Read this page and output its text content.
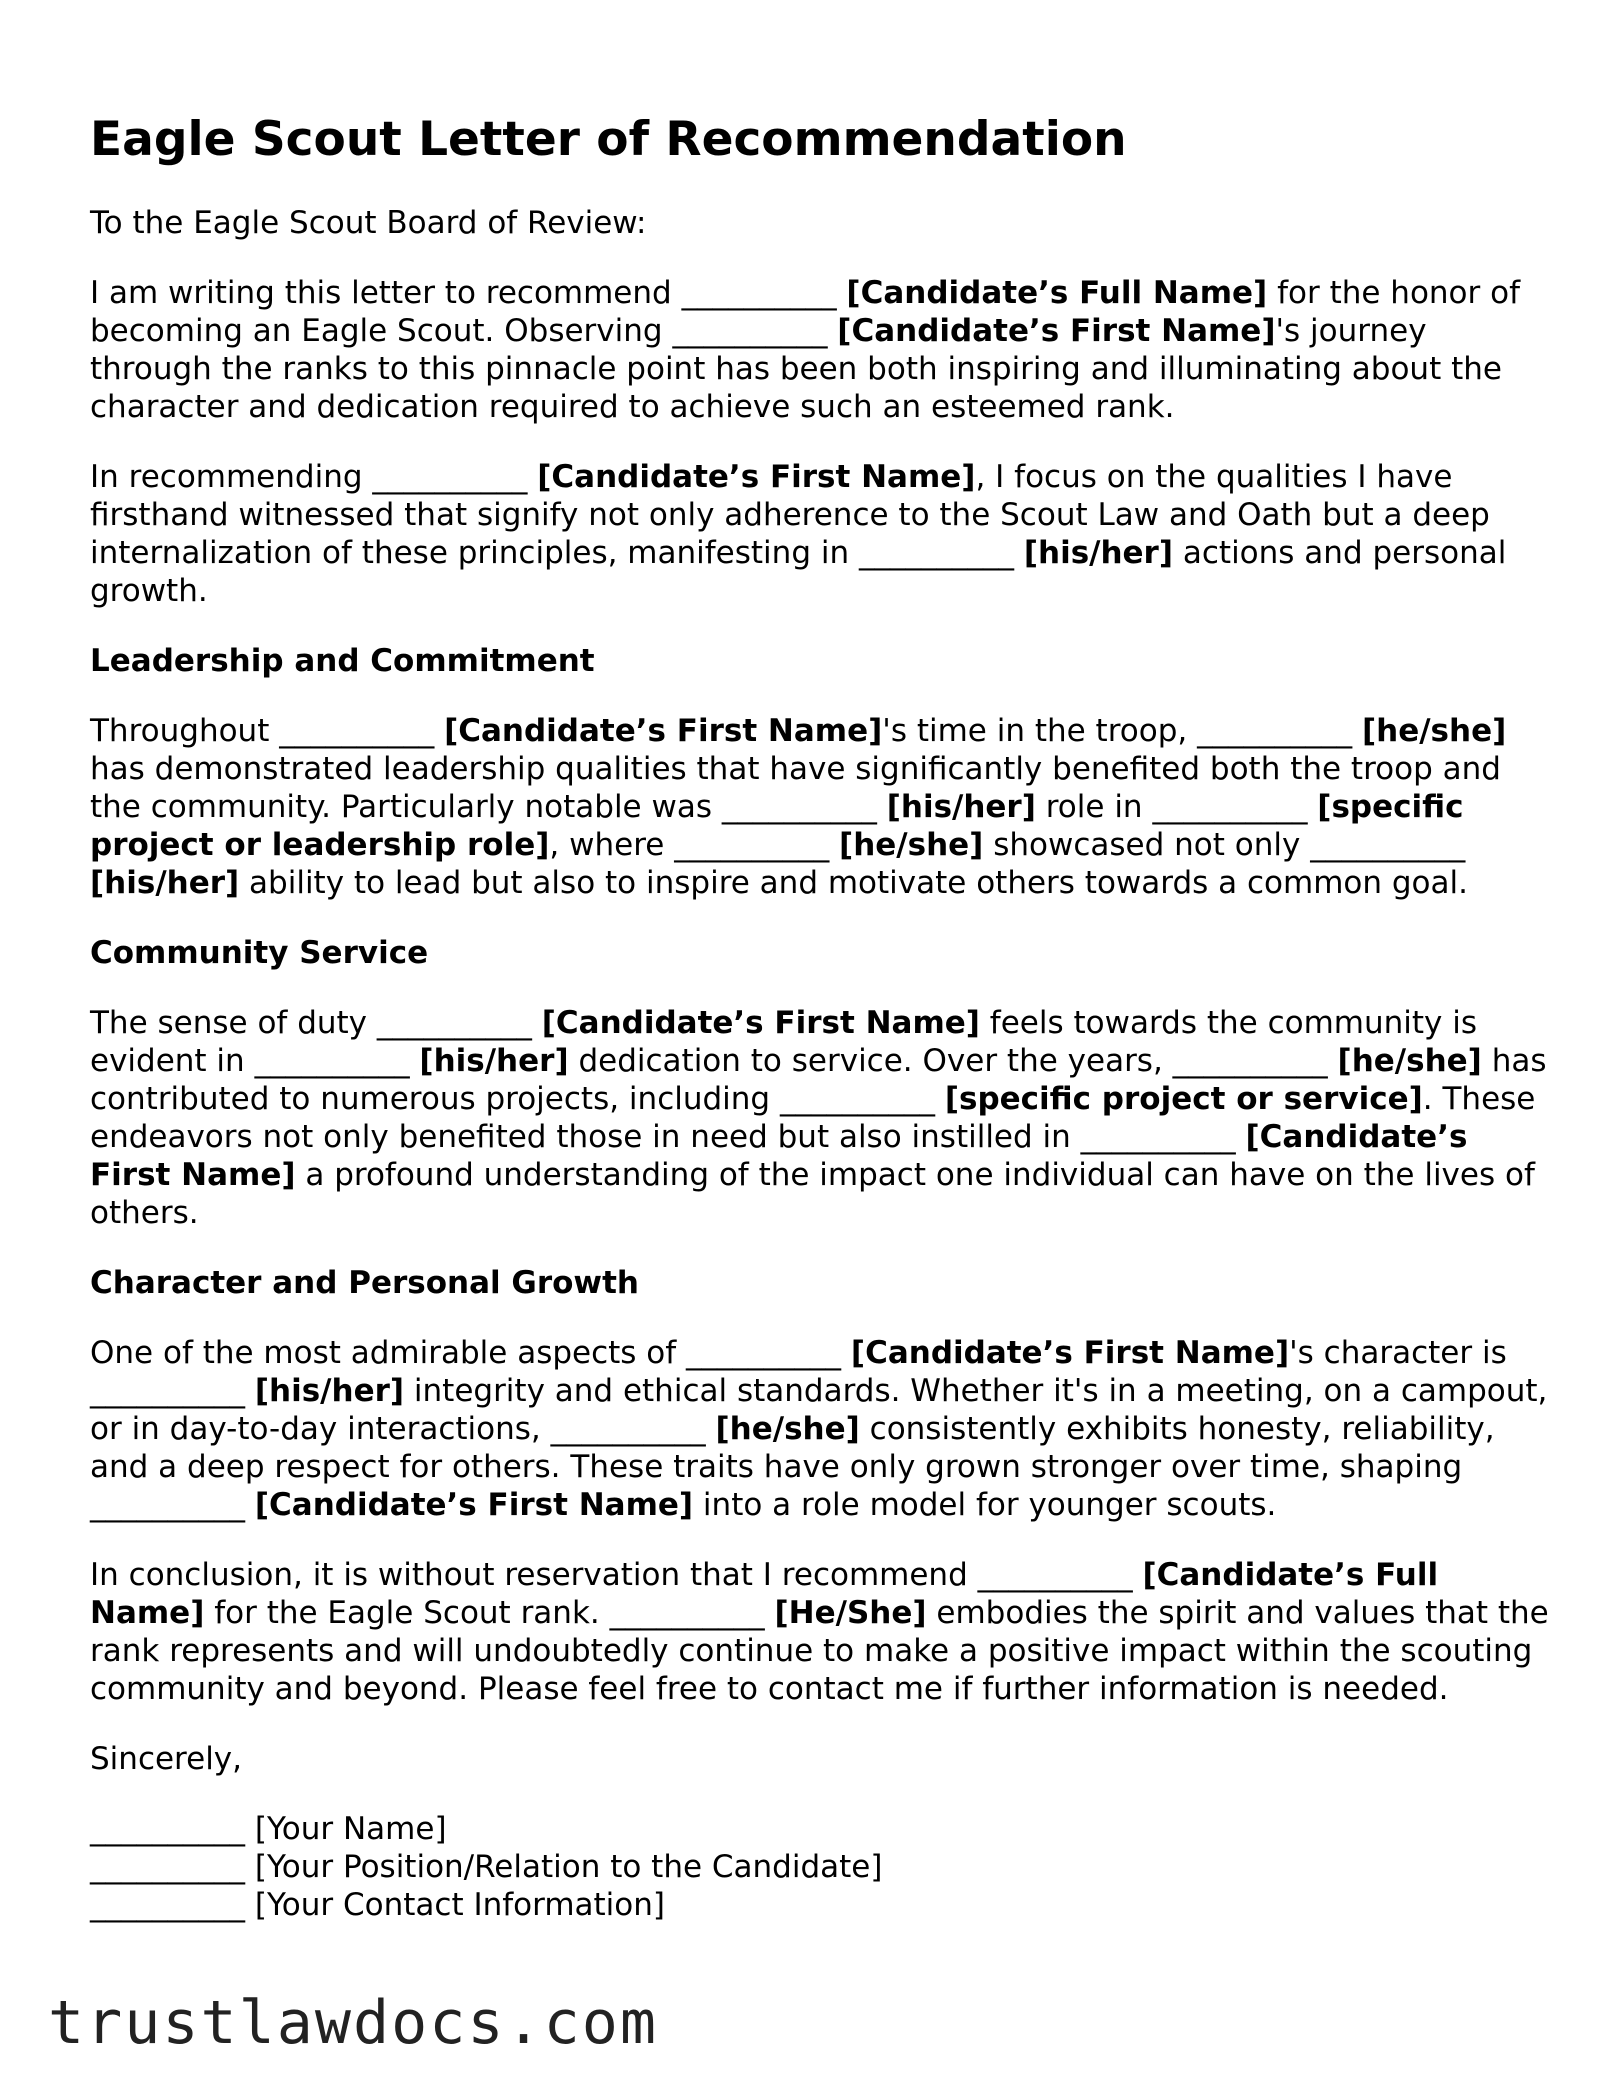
Eagle Scout Letter of Recommendation

To the Eagle Scout Board of Review:

I am writing this letter to recommend __________ [Candidate’s Full Name] for the honor of becoming an Eagle Scout. Observing __________ [Candidate’s First Name]'s journey through the ranks to this pinnacle point has been both inspiring and illuminating about the character and dedication required to achieve such an esteemed rank.

In recommending __________ [Candidate’s First Name], I focus on the qualities I have firsthand witnessed that signify not only adherence to the Scout Law and Oath but a deep internalization of these principles, manifesting in __________ [his/her] actions and personal growth.

Leadership and Commitment

Throughout __________ [Candidate’s First Name]'s time in the troop, __________ [he/she] has demonstrated leadership qualities that have significantly benefited both the troop and the community. Particularly notable was __________ [his/her] role in __________ [specific project or leadership role], where __________ [he/she] showcased not only __________ [his/her] ability to lead but also to inspire and motivate others towards a common goal.

Community Service

The sense of duty __________ [Candidate’s First Name] feels towards the community is evident in __________ [his/her] dedication to service. Over the years, __________ [he/she] has contributed to numerous projects, including __________ [specific project or service]. These endeavors not only benefited those in need but also instilled in __________ [Candidate’s First Name] a profound understanding of the impact one individual can have on the lives of others.

Character and Personal Growth

One of the most admirable aspects of __________ [Candidate’s First Name]'s character is __________ [his/her] integrity and ethical standards. Whether it's in a meeting, on a campout, or in day-to-day interactions, __________ [he/she] consistently exhibits honesty, reliability, and a deep respect for others. These traits have only grown stronger over time, shaping __________ [Candidate’s First Name] into a role model for younger scouts.

In conclusion, it is without reservation that I recommend __________ [Candidate’s Full Name] for the Eagle Scout rank. __________ [He/She] embodies the spirit and values that the rank represents and will undoubtedly continue to make a positive impact within the scouting community and beyond. Please feel free to contact me if further information is needed.

Sincerely,

__________ [Your Name]
__________ [Your Position/Relation to the Candidate]
__________ [Your Contact Information]
trustlawdocs.com
